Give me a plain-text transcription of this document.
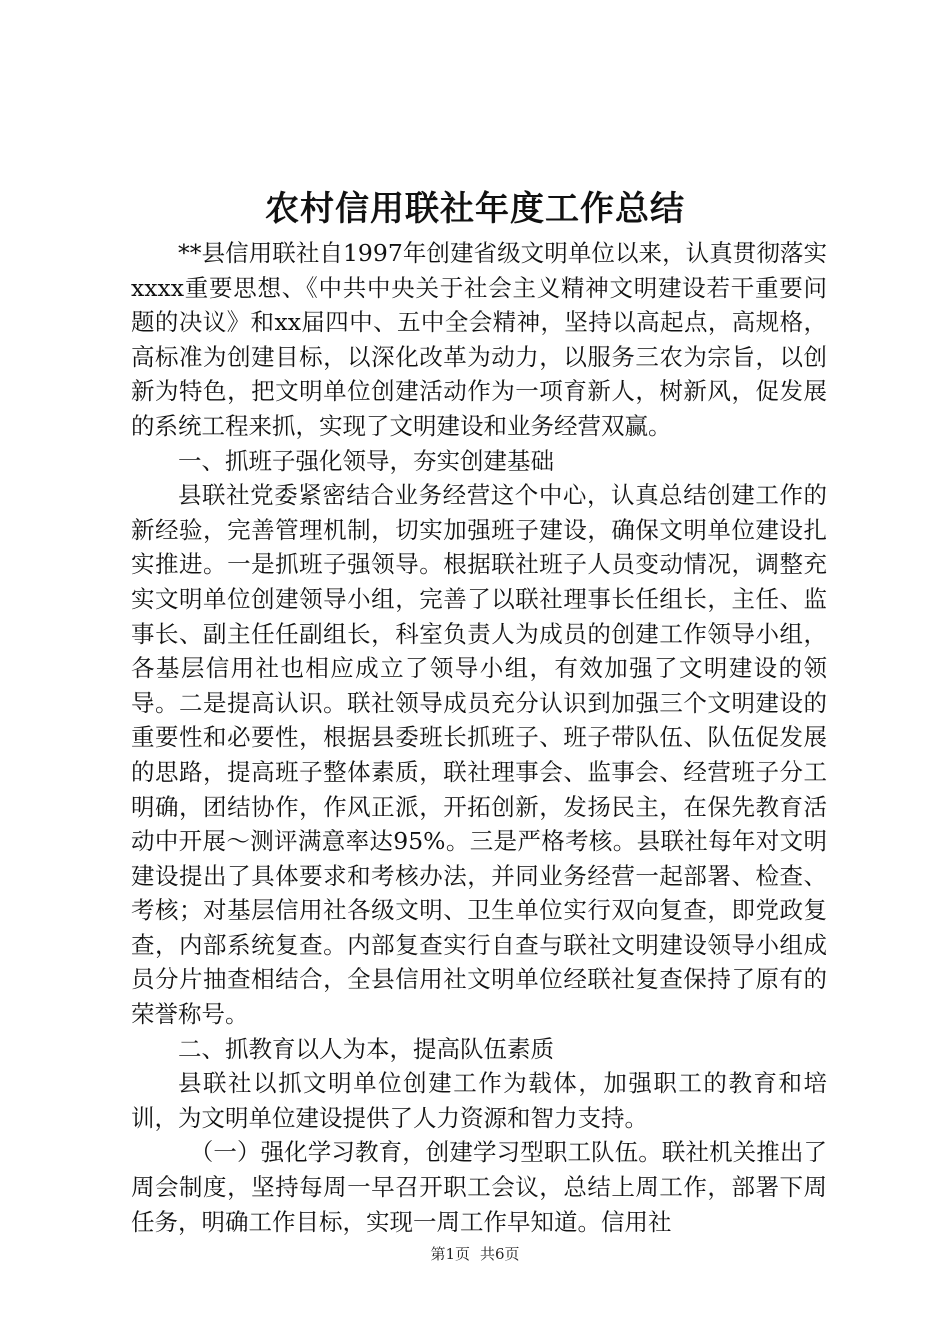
农村信用联社年度工作总结

**县信用联社自1997年创建省级文明单位以来，认真贯彻落实xxxx重要思想、《中共中央关于社会主义精神文明建设若干重要问题的决议》和xx届四中、五中全会精神，坚持以高起点，高规格，高标准为创建目标，以深化改革为动力，以服务三农为宗旨，以创新为特色，把文明单位创建活动作为一项育新人，树新风，促发展的系统工程来抓，实现了文明建设和业务经营双赢。

一、抓班子强化领导，夯实创建基础

县联社党委紧密结合业务经营这个中心，认真总结创建工作的新经验，完善管理机制，切实加强班子建设，确保文明单位建设扎实推进。一是抓班子强领导。根据联社班子人员变动情况，调整充实文明单位创建领导小组，完善了以联社理事长任组长，主任、监事长、副主任任副组长，科室负责人为成员的创建工作领导小组，各基层信用社也相应成立了领导小组，有效加强了文明建设的领导。二是提高认识。联社领导成员充分认识到加强三个文明建设的重要性和必要性，根据县委班长抓班子、班子带队伍、队伍促发展的思路，提高班子整体素质，联社理事会、监事会、经营班子分工明确，团结协作，作风正派，开拓创新，发扬民主，在保先教育活动中开展～测评满意率达95%。三是严格考核。县联社每年对文明建设提出了具体要求和考核办法，并同业务经营一起部署、检查、考核；对基层信用社各级文明、卫生单位实行双向复查，即党政复查，内部系统复查。内部复查实行自查与联社文明建设领导小组成员分片抽查相结合，全县信用社文明单位经联社复查保持了原有的荣誉称号。

二、抓教育以人为本，提高队伍素质

县联社以抓文明单位创建工作为载体，加强职工的教育和培训，为文明单位建设提供了人力资源和智力支持。

（一）强化学习教育，创建学习型职工队伍。联社机关推出了周会制度，坚持每周一早召开职工会议，总结上周工作，部署下周任务，明确工作目标，实现一周工作早知道。信用社

第1页 共6页
